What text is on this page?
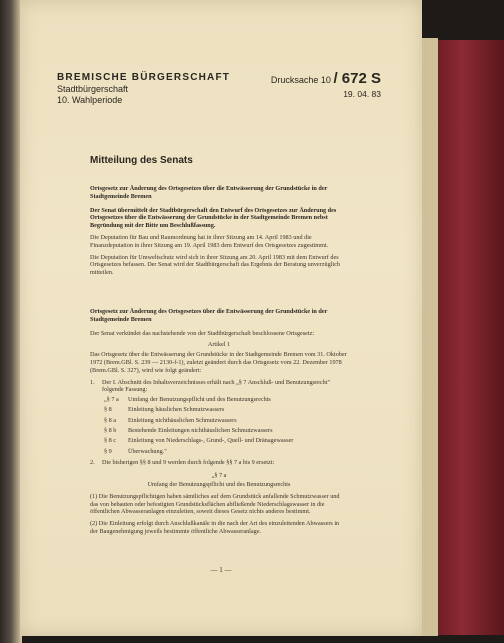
BREMISCHE BÜRGERSCHAFT
Stadtbürgerschaft
10. Wahlperiode
Drucksache 10 / 672 S
19. 04. 83
Mitteilung des Senats

Ortsgesetz zur Änderung des Ortsgesetzes über die Entwässerung der Grundstücke in der Stadtgemeinde Bremen

Der Senat übermittelt der Stadtbürgerschaft den Entwurf des Ortsgesetzes zur Änderung des Ortsgesetzes über die Entwässerung der Grundstücke in der Stadtgemeinde Bremen nebst Begründung mit der Bitte um Beschlußfassung.

Die Deputation für Bau und Raumordnung hat in ihrer Sitzung am 14. April 1983 und die Finanzdeputation in ihrer Sitzung am 19. April 1983 dem Entwurf des Ortsgesetzes zugestimmt.

Die Deputation für Umweltschutz wird sich in ihrer Sitzung am 20. April 1983 mit dem Entwurf des Ortsgesetzes befassen. Der Senat wird der Stadtbürgerschaft das Ergebnis der Beratung unverzüglich mitteilen.

Ortsgesetz zur Änderung des Ortsgesetzes über die Entwässerung der Grundstücke in der Stadtgemeinde Bremen

Der Senat verkündet das nachstehende von der Stadtbürgerschaft beschlossene Ortsgesetz:

Artikel 1

Das Ortsgesetz über die Entwässerung der Grundstücke in der Stadtgemeinde Bremen vom 31. Oktober 1972 (Brem.GBl. S. 239 — 2130-f-1), zuletzt geändert durch das Ortsgesetz vom 22. Dezember 1978 (Brem.GBl. S. 327), wird wie folgt geändert:

1.	Der I. Abschnitt des Inhaltsverzeichnisses erhält nach „§ 7 Anschluß- und Benutzungsrecht" folgende Fassung:
„§ 7 a	Umfang der Benutzungspflicht und des Benutzungsrechts
§ 8	Einleitung häuslichen Schmutzwassers
§ 8 a	Einleitung nichthäuslichen Schmutzwassers
§ 8 b	Bestehende Einleitungen nichthäuslichen Schmutzwassers
§ 8 c	Einleitung von Niederschlags-, Grund-, Quell- und Dränagewasser
§ 9	Überwachung."
2.	Die bisherigen §§ 8 und 9 werden durch folgende §§ 7 a bis 9 ersetzt:

„§ 7 a

Umfang der Benutzungspflicht und des Benutzungsrechts

(1) Die Benutzungspflichtigen haben sämtliches auf dem Grundstück anfallende Schmutzwasser und das von bebauten oder befestigten Grundstücksflächen abfließende Niederschlagswasser in die öffentlichen Abwasseranlagen einzuleiten, soweit dieses Gesetz nichts anderes bestimmt.

(2) Die Einleitung erfolgt durch Anschlußkanäle in die nach der Art des einzuleitenden Abwassers in der Baugenehmigung jeweils bestimmte öffentliche Abwasseranlage.

— 1 —
